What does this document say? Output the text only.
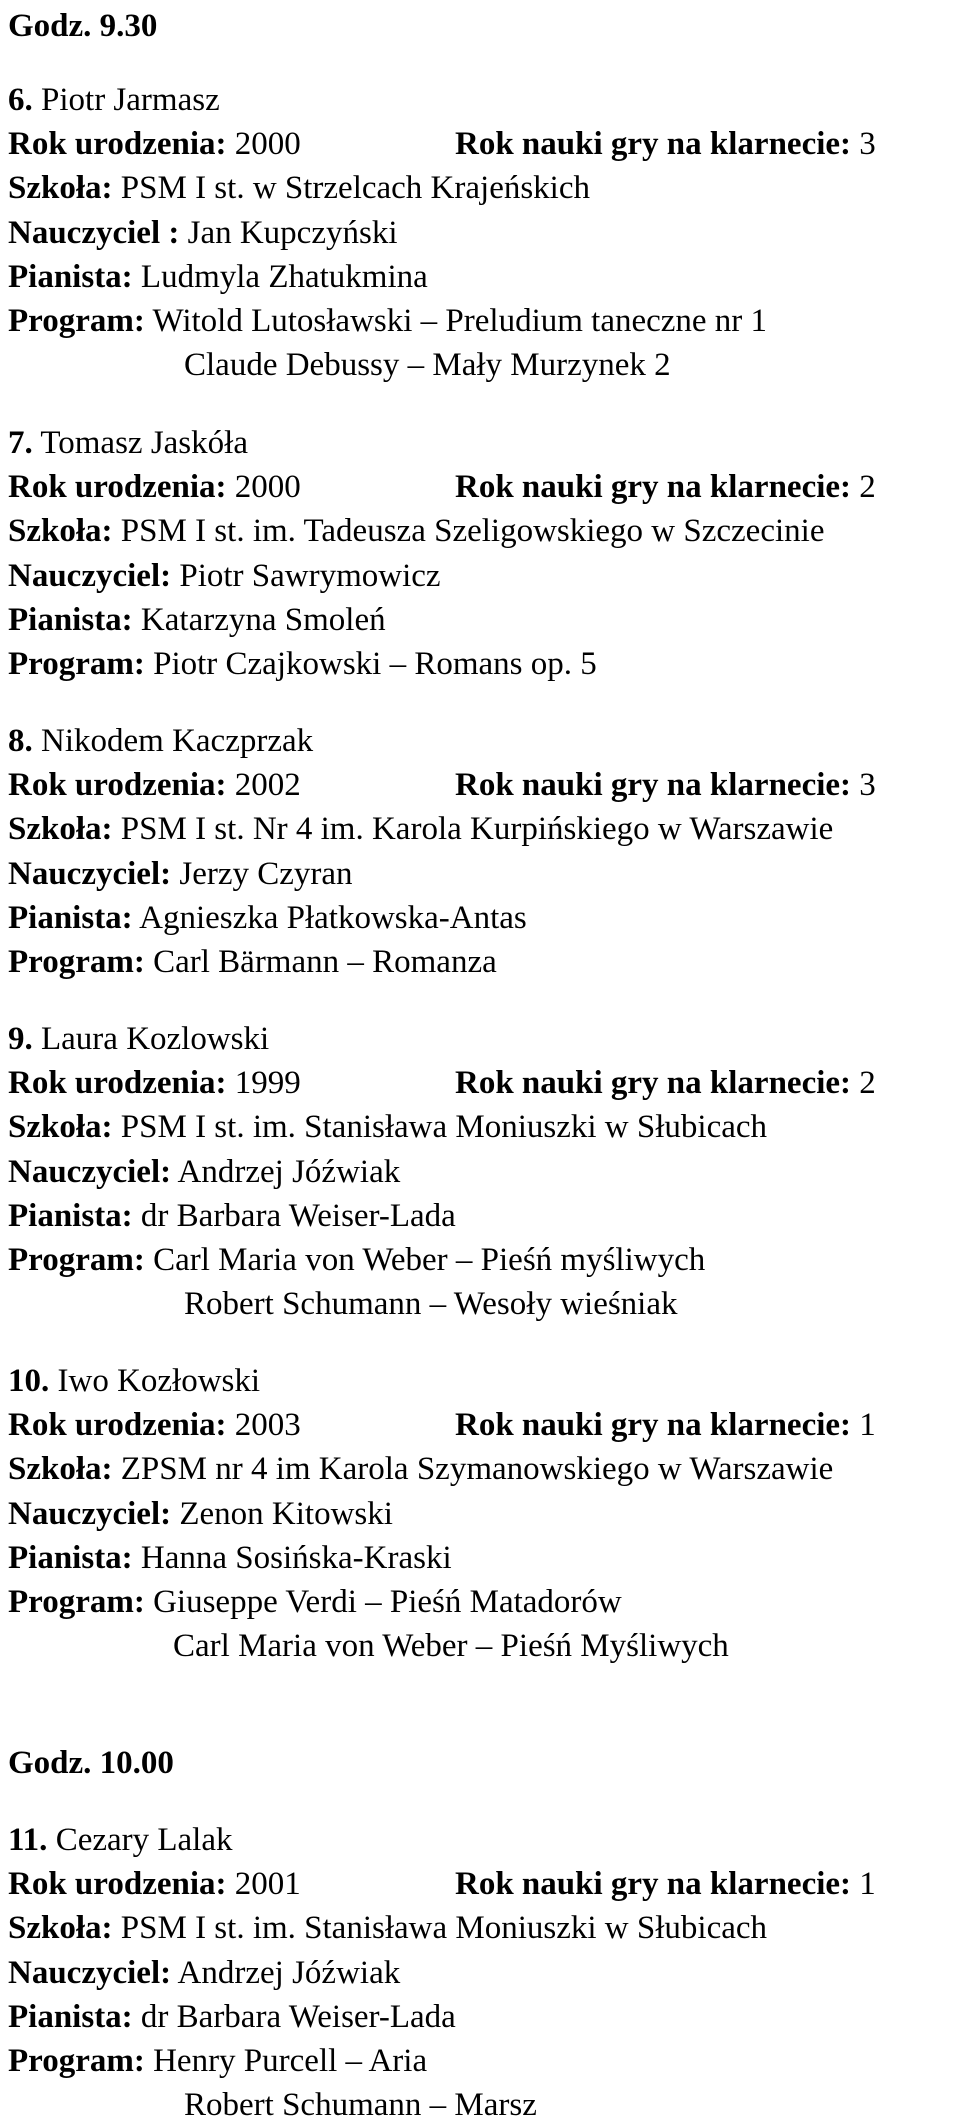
Godz. 9.30
6. Piotr Jarmasz
Rok urodzenia: 2000	Rok nauki gry na klarnecie: 3
Szkoła: PSM I st. w Strzelcach Krajeńskich
Nauczyciel : Jan Kupczyński
Pianista: Ludmyla Zhatukmina
Program: Witold Lutosławski – Preludium taneczne nr 1
Claude Debussy – Mały Murzynek 2
7. Tomasz Jaskóła
Rok urodzenia: 2000	Rok nauki gry na klarnecie: 2
Szkoła: PSM I st. im. Tadeusza Szeligowskiego w Szczecinie
Nauczyciel: Piotr Sawrymowicz
Pianista: Katarzyna Smoleń
Program: Piotr Czajkowski – Romans op. 5
8. Nikodem Kaczprzak
Rok urodzenia: 2002	Rok nauki gry na klarnecie: 3
Szkoła: PSM I st. Nr 4 im. Karola Kurpińskiego w Warszawie
Nauczyciel: Jerzy Czyran
Pianista: Agnieszka Płatkowska-Antas
Program: Carl Bärmann – Romanza
9. Laura Kozlowski
Rok urodzenia: 1999	Rok nauki gry na klarnecie: 2
Szkoła: PSM I st. im. Stanisława Moniuszki w Słubicach
Nauczyciel: Andrzej Jóźwiak
Pianista: dr Barbara Weiser-Lada
Program: Carl Maria von Weber – Pieśń myśliwych
Robert Schumann – Wesoły wieśniak
10. Iwo Kozłowski
Rok urodzenia: 2003	Rok nauki gry na klarnecie: 1
Szkoła: ZPSM nr 4 im Karola Szymanowskiego w Warszawie
Nauczyciel: Zenon Kitowski
Pianista: Hanna Sosińska-Kraski
Program: Giuseppe Verdi – Pieśń Matadorów
Carl Maria von Weber – Pieśń Myśliwych
Godz. 10.00
11. Cezary Lalak
Rok urodzenia: 2001	Rok nauki gry na klarnecie: 1
Szkoła: PSM I st. im. Stanisława Moniuszki w Słubicach
Nauczyciel: Andrzej Jóźwiak
Pianista: dr Barbara Weiser-Lada
Program: Henry Purcell – Aria
Robert Schumann – Marsz
